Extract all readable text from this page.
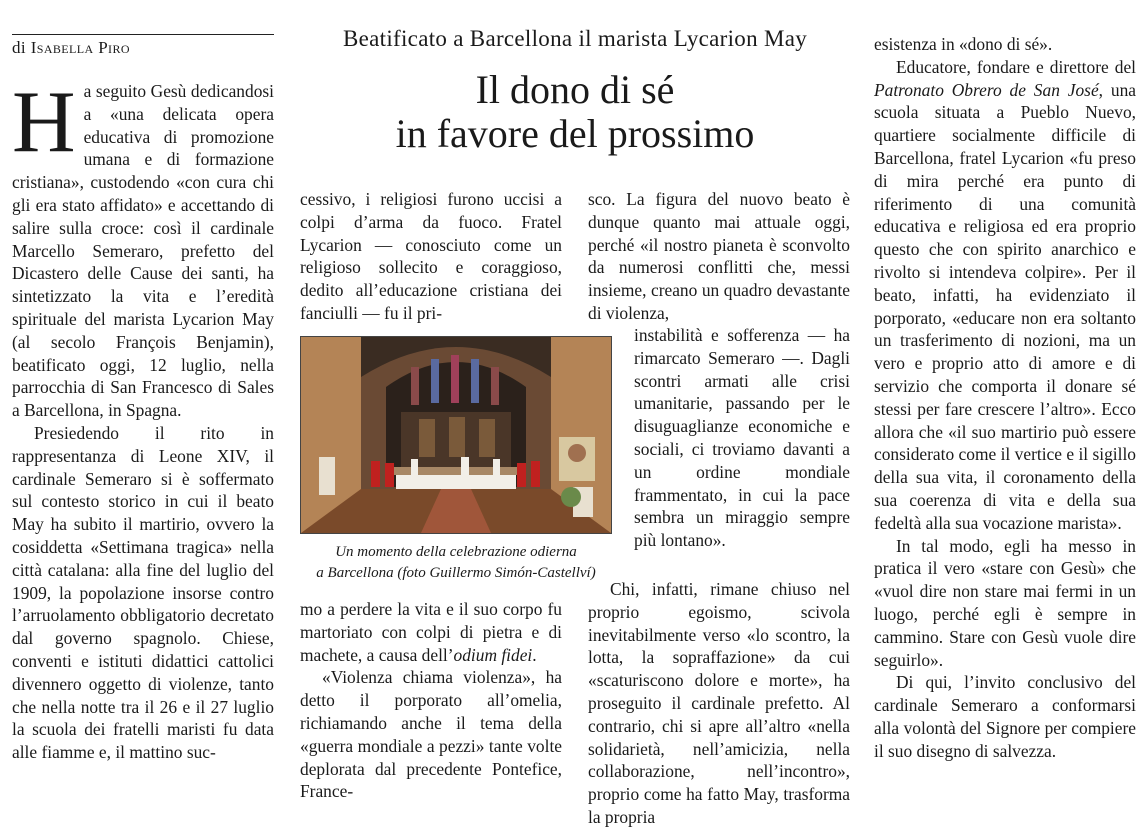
di Isabella Piro	Beatificato a Barcellona il marista Lycarion May
Il dono di sé
in favore del prossimo

Ha seguito Gesù dedicandosi a «una delicata opera educativa di promozione umana e di formazione cristiana», custodendo «con cura chi gli era stato affidato» e accettando di salire sulla croce: così il cardinale Marcello Semeraro, prefetto del Dicastero delle Cause dei santi, ha sintetizzato la vita e l’eredità spirituale del marista Lycarion May (al secolo François Benjamin), beatificato oggi, 12 luglio, nella parrocchia di San Francesco di Sales a Barcellona, in Spagna.

Presiedendo il rito in rappresentanza di Leone XIV, il cardinale Semeraro si è soffermato sul contesto storico in cui il beato May ha subito il martirio, ovvero la cosiddetta «Settimana tragica» nella città catalana: alla fine del luglio del 1909, la popolazione insorse contro l’arruolamento obbligatorio decretato dal governo spagnolo. Chiese, conventi e istituti didattici cattolici divennero oggetto di violenze, tanto che nella notte tra il 26 e il 27 luglio la scuola dei fratelli maristi fu data alle fiamme e, il mattino suc-

cessivo, i religiosi furono uccisi a colpi d’arma da fuoco. Fratel Lycarion — conosciuto come un religioso sollecito e coraggioso, dedito all’educazione cristiana dei fanciulli — fu il pri-

Un momento della celebrazione odierna
a Barcellona (foto Guillermo Simón-Castellví)

mo a perdere la vita e il suo corpo fu martoriato con colpi di pietra e di machete, a causa dell’odium fidei.

«Violenza chiama violenza», ha detto il porporato all’omelia, richiamando anche il tema della «guerra mondiale a pezzi» tante volte deplorata dal precedente Pontefice, France-

sco. La figura del nuovo beato è dunque quanto mai attuale oggi, perché «il nostro pianeta è sconvolto da numerosi conflitti che, messi insieme, creano un quadro devastante di violenza,

instabilità e sofferenza — ha rimarcato Semeraro —. Dagli scontri armati alle crisi umanitarie, passando per le disuguaglianze economiche e sociali, ci troviamo davanti a un ordine mondiale frammentato, in cui la pace sembra un miraggio sempre più lontano».

Chi, infatti, rimane chiuso nel proprio egoismo, scivola inevitabilmente verso «lo scontro, la lotta, la sopraffazione» da cui «scaturiscono dolore e morte», ha proseguito il cardinale prefetto. Al contrario, chi si apre all’altro «nella solidarietà, nell’amicizia, nella collaborazione, nell’incontro», proprio come ha fatto May, trasforma la propria

esistenza in «dono di sé».

Educatore, fondare e direttore del Patronato Obrero de San José, una scuola situata a Pueblo Nuevo, quartiere socialmente difficile di Barcellona, fratel Lycarion «fu preso di mira perché era punto di riferimento di una comunità educativa e religiosa ed era proprio questo che con spirito anarchico e rivolto si intendeva colpire». Per il beato, infatti, ha evidenziato il porporato, «educare non era soltanto un trasferimento di nozioni, ma un vero e proprio atto di amore e di servizio che comporta il donare sé stessi per fare crescere l’altro». Ecco allora che «il suo martirio può essere considerato come il vertice e il sigillo della sua vita, il coronamento della sua coerenza di vita e della sua fedeltà alla sua vocazione marista».

In tal modo, egli ha messo in pratica il vero «stare con Gesù» che «vuol dire non stare mai fermi in un luogo, perché egli è sempre in cammino. Stare con Gesù vuole dire seguirlo».

Di qui, l’invito conclusivo del cardinale Semeraro a conformarsi alla volontà del Signore per compiere il suo disegno di salvezza.
